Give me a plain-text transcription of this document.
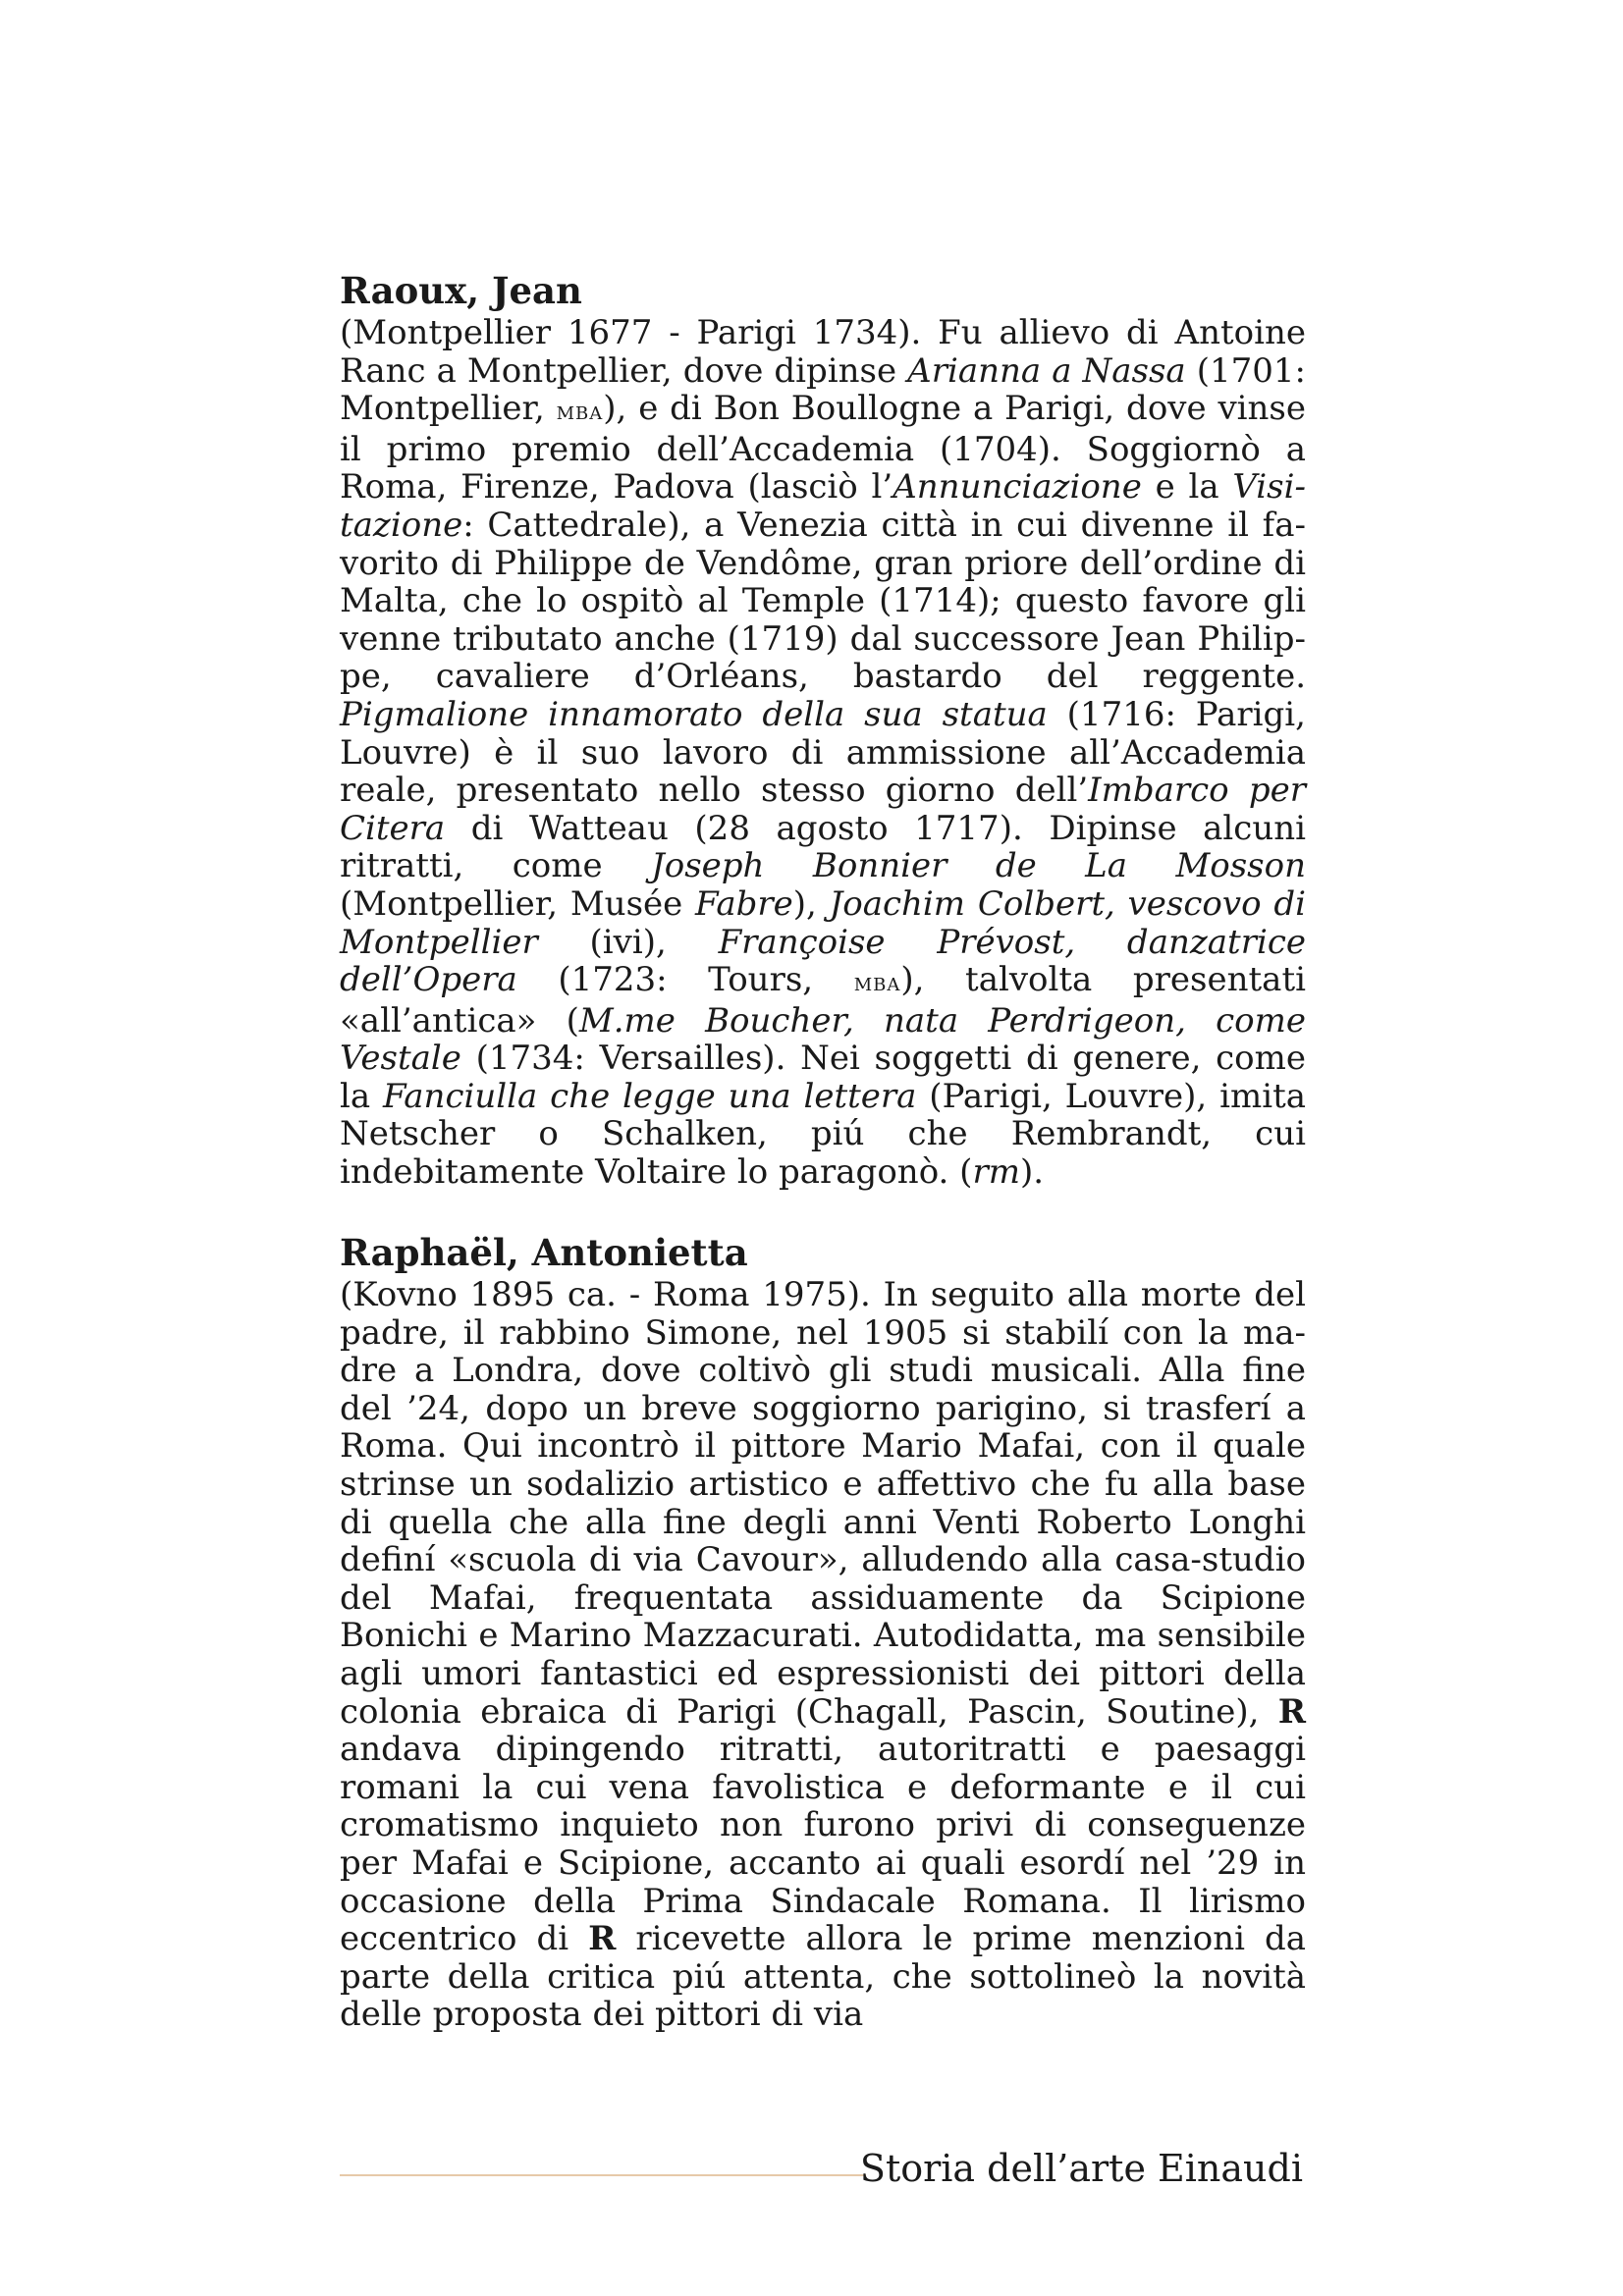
Raoux, Jean

(Montpellier 1677 - Parigi 1734). Fu allievo di Antoine Ranc a Montpellier, dove dipinse Arianna a Nassa (1701: Montpellier, mba), e di Bon Boullogne a Parigi, dove vinse il primo premio dell’Accademia (1704). Soggiornò a Roma, Firenze, Padova (lasciò l’Annunciazione e la Visitazione: Cattedrale), a Venezia città in cui divenne il favorito di Philippe de Vendôme, gran priore dell’ordine di Malta, che lo ospitò al Temple (1714); questo favore gli venne tributato anche (1719) dal successore Jean Philippe, cavaliere d’Orléans, bastardo del reggente. Pigmalione innamorato della sua statua (1716: Parigi, Louvre) è il suo lavoro di ammissione all’Accademia reale, presentato nello stesso giorno dell’Imbarco per Citera di Watteau (28 agosto 1717). Dipinse alcuni ritratti, come Joseph Bonnier de La Mosson (Montpellier, Musée Fabre), Joachim Colbert, vescovo di Montpellier (ivi), Françoise Prévost, danzatrice dell’Opera (1723: Tours, mba), talvolta presentati «all’antica» (M.me Boucher, nata Perdrigeon, come Vestale (1734: Versailles). Nei soggetti di genere, come la Fanciulla che legge una lettera (Parigi, Louvre), imita Netscher o Schalken, piú che Rembrandt, cui indebitamente Voltaire lo paragonò. (rm).

Raphaël, Antonietta

(Kovno 1895 ca. - Roma 1975). In seguito alla morte del padre, il rabbino Simone, nel 1905 si stabilí con la madre a Londra, dove coltivò gli studi musicali. Alla fine del ’24, dopo un breve soggiorno parigino, si trasferí a Roma. Qui incontrò il pittore Mario Mafai, con il quale strinse un sodalizio artistico e affettivo che fu alla base di quella che alla fine degli anni Venti Roberto Longhi definí «scuola di via Cavour», alludendo alla casa-studio del Mafai, frequentata assiduamente da Scipione Bonichi e Marino Mazzacurati. Autodidatta, ma sensibile agli umori fantastici ed espressionisti dei pittori della colonia ebraica di Parigi (Chagall, Pascin, Soutine), R andava dipingendo ritratti, autoritratti e paesaggi romani la cui vena favolistica e deformante e il cui cromatismo inquieto non furono privi di conseguenze per Mafai e Scipione, accanto ai quali esordí nel ’29 in occasione della Prima Sindacale Romana. Il lirismo eccentrico di R ricevette allora le prime menzioni da parte della critica piú attenta, che sottolineò la novità delle proposta dei pittori di via

Storia dell’arte Einaudi
